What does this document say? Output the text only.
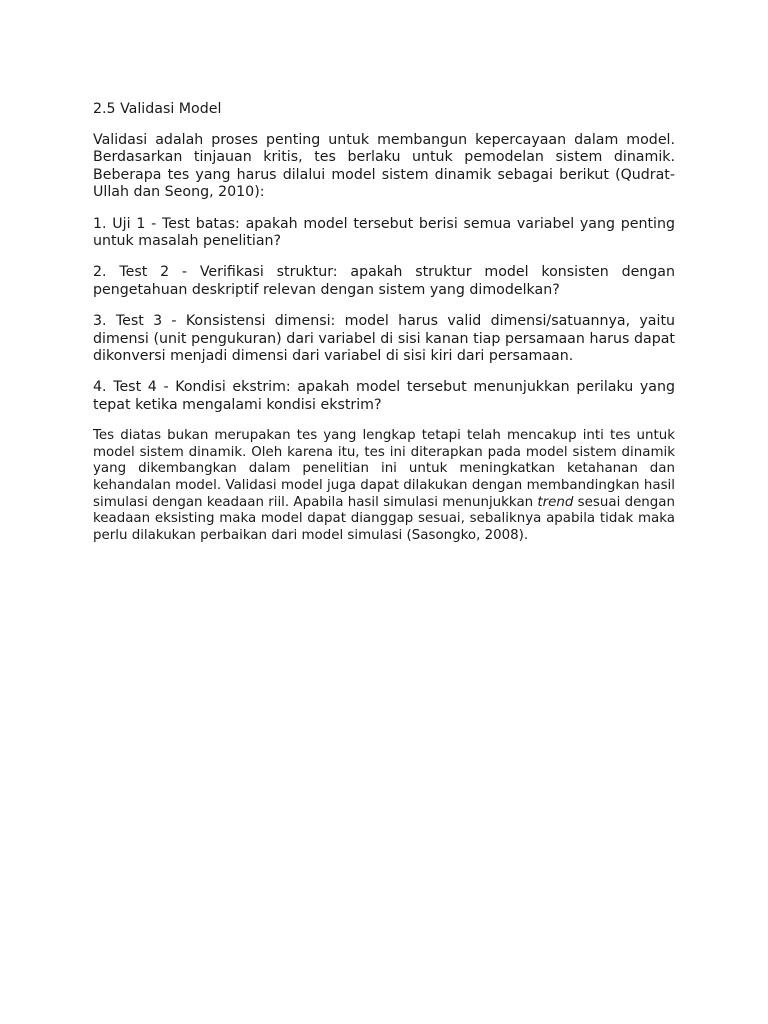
2.5 Validasi Model

Validasi adalah proses penting untuk membangun kepercayaan dalam model. Berdasarkan tinjauan kritis, tes berlaku untuk pemodelan sistem dinamik. Beberapa tes yang harus dilalui model sistem dinamik sebagai berikut (Qudrat-Ullah dan Seong, 2010):

1. Uji 1 - Test batas: apakah model tersebut berisi semua variabel yang penting untuk masalah penelitian?

2. Test 2 - Verifikasi struktur: apakah struktur model konsisten dengan pengetahuan deskriptif relevan dengan sistem yang dimodelkan?

3. Test 3 - Konsistensi dimensi: model harus valid dimensi/satuannya, yaitu dimensi (unit pengukuran) dari variabel di sisi kanan tiap persamaan harus dapat dikonversi menjadi dimensi dari variabel di sisi kiri dari persamaan.

4. Test 4 - Kondisi ekstrim: apakah model tersebut menunjukkan perilaku yang tepat ketika mengalami kondisi ekstrim?

Tes diatas bukan merupakan tes yang lengkap tetapi telah mencakup inti tes untuk model sistem dinamik. Oleh karena itu, tes ini diterapkan pada model sistem dinamik yang dikembangkan dalam penelitian ini untuk meningkatkan ketahanan dan kehandalan model. Validasi model juga dapat dilakukan dengan membandingkan hasil simulasi dengan keadaan riil. Apabila hasil simulasi menunjukkan trend sesuai dengan keadaan eksisting maka model dapat dianggap sesuai, sebaliknya apabila tidak maka perlu dilakukan perbaikan dari model simulasi (Sasongko, 2008).
